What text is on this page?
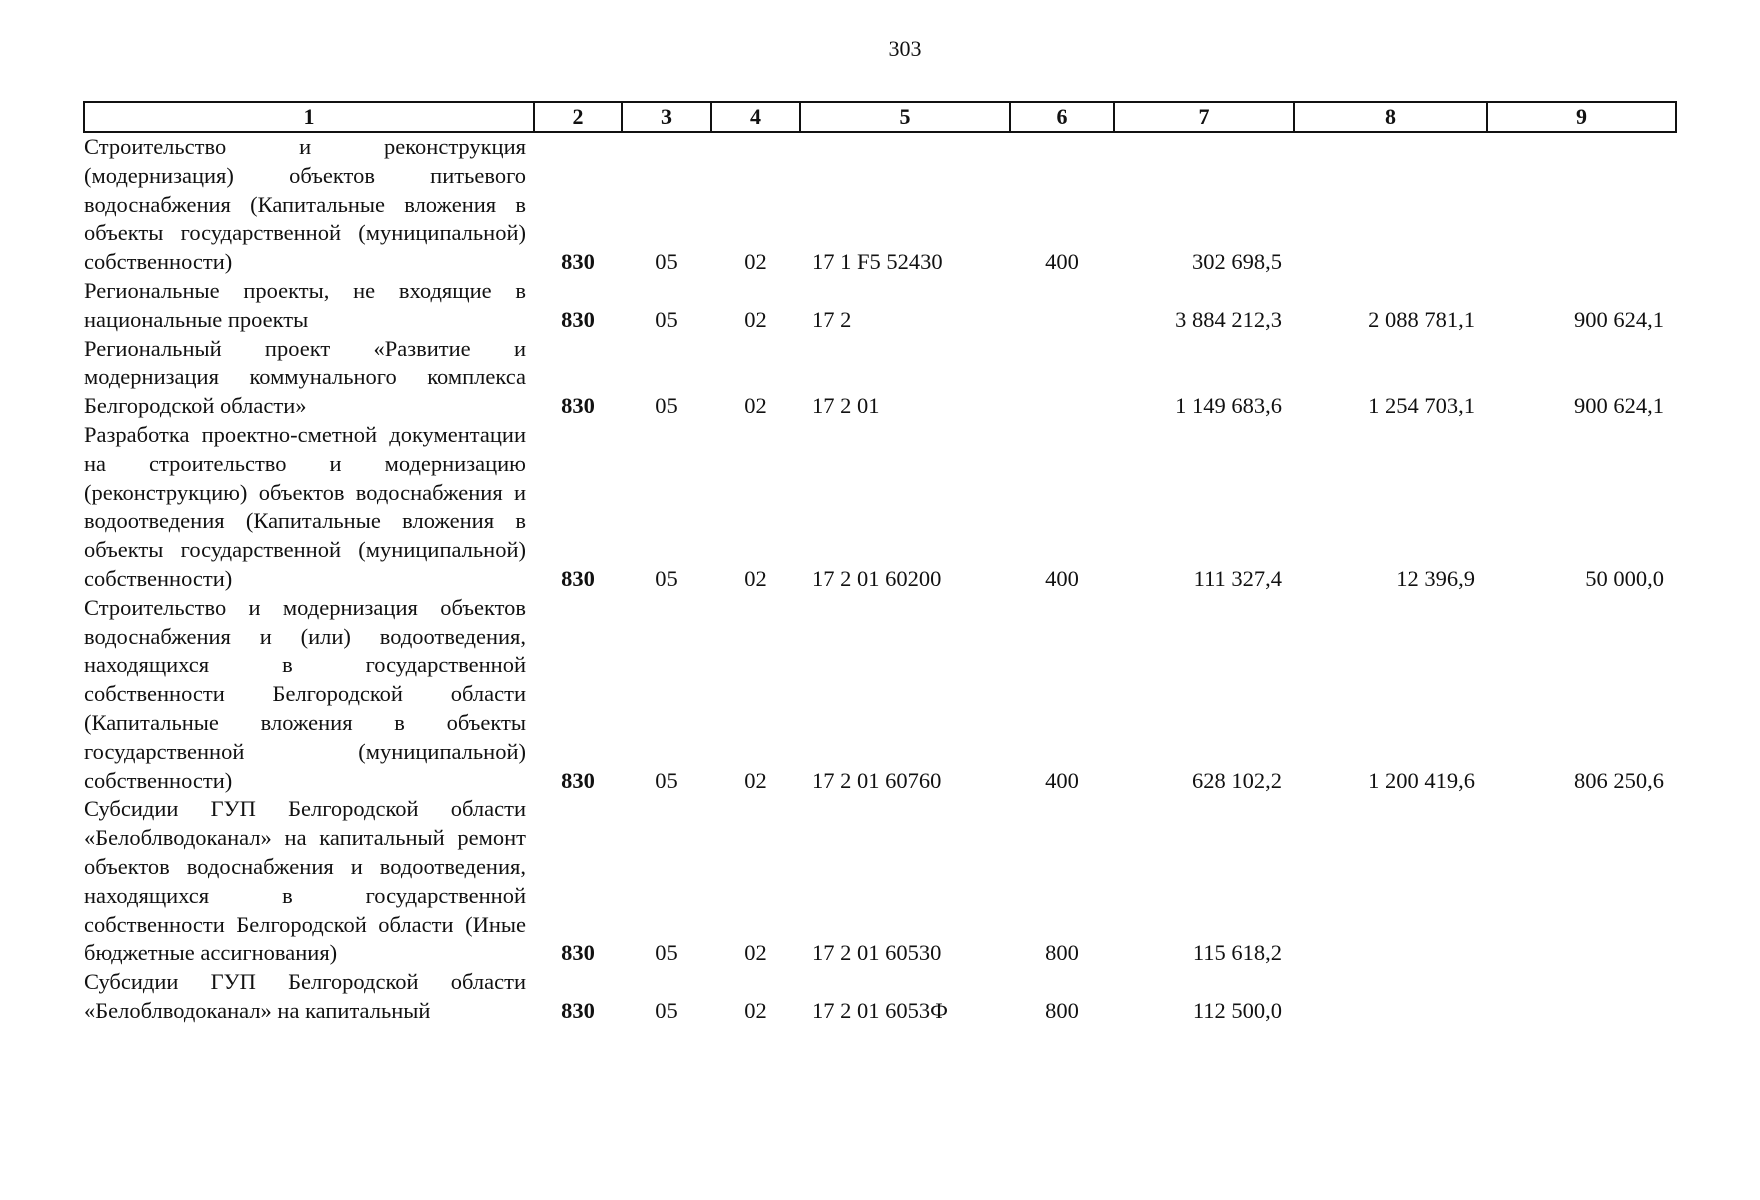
303
1	2	3	4	5	6	7	8	9
Строительство и реконструкция (модернизация) объектов питьевого водоснабжения (Капитальные вложения в объекты государственной (муниципальной) собственности)	830	05	02	17 1 F5 52430	400	302 698,5		
Региональные проекты, не входящие в национальные проекты	830	05	02	17 2		3 884 212,3	2 088 781,1	900 624,1
Региональный проект «Развитие и модернизация коммунального комплекса Белгородской области»	830	05	02	17 2 01		1 149 683,6	1 254 703,1	900 624,1
Разработка проектно-сметной документации на строительство и модернизацию (реконструкцию) объектов водоснабжения и водоотведения (Капитальные вложения в объекты государственной (муниципальной) собственности)	830	05	02	17 2 01 60200	400	111 327,4	12 396,9	50 000,0
Строительство и модернизация объектов водоснабжения и (или) водоотведения, находящихся в государственной собственности Белгородской области (Капитальные вложения в объекты государственной (муниципальной) собственности)	830	05	02	17 2 01 60760	400	628 102,2	1 200 419,6	806 250,6
Субсидии ГУП Белгородской области «Белоблводоканал» на капитальный ремонт объектов водоснабжения и водоотведения, находящихся в государственной собственности Белгородской области (Иные бюджетные ассигнования)	830	05	02	17 2 01 60530	800	115 618,2		
Субсидии ГУП Белгородской области «Белоблводоканал» на капитальный	830	05	02	17 2 01 6053Ф	800	112 500,0		
